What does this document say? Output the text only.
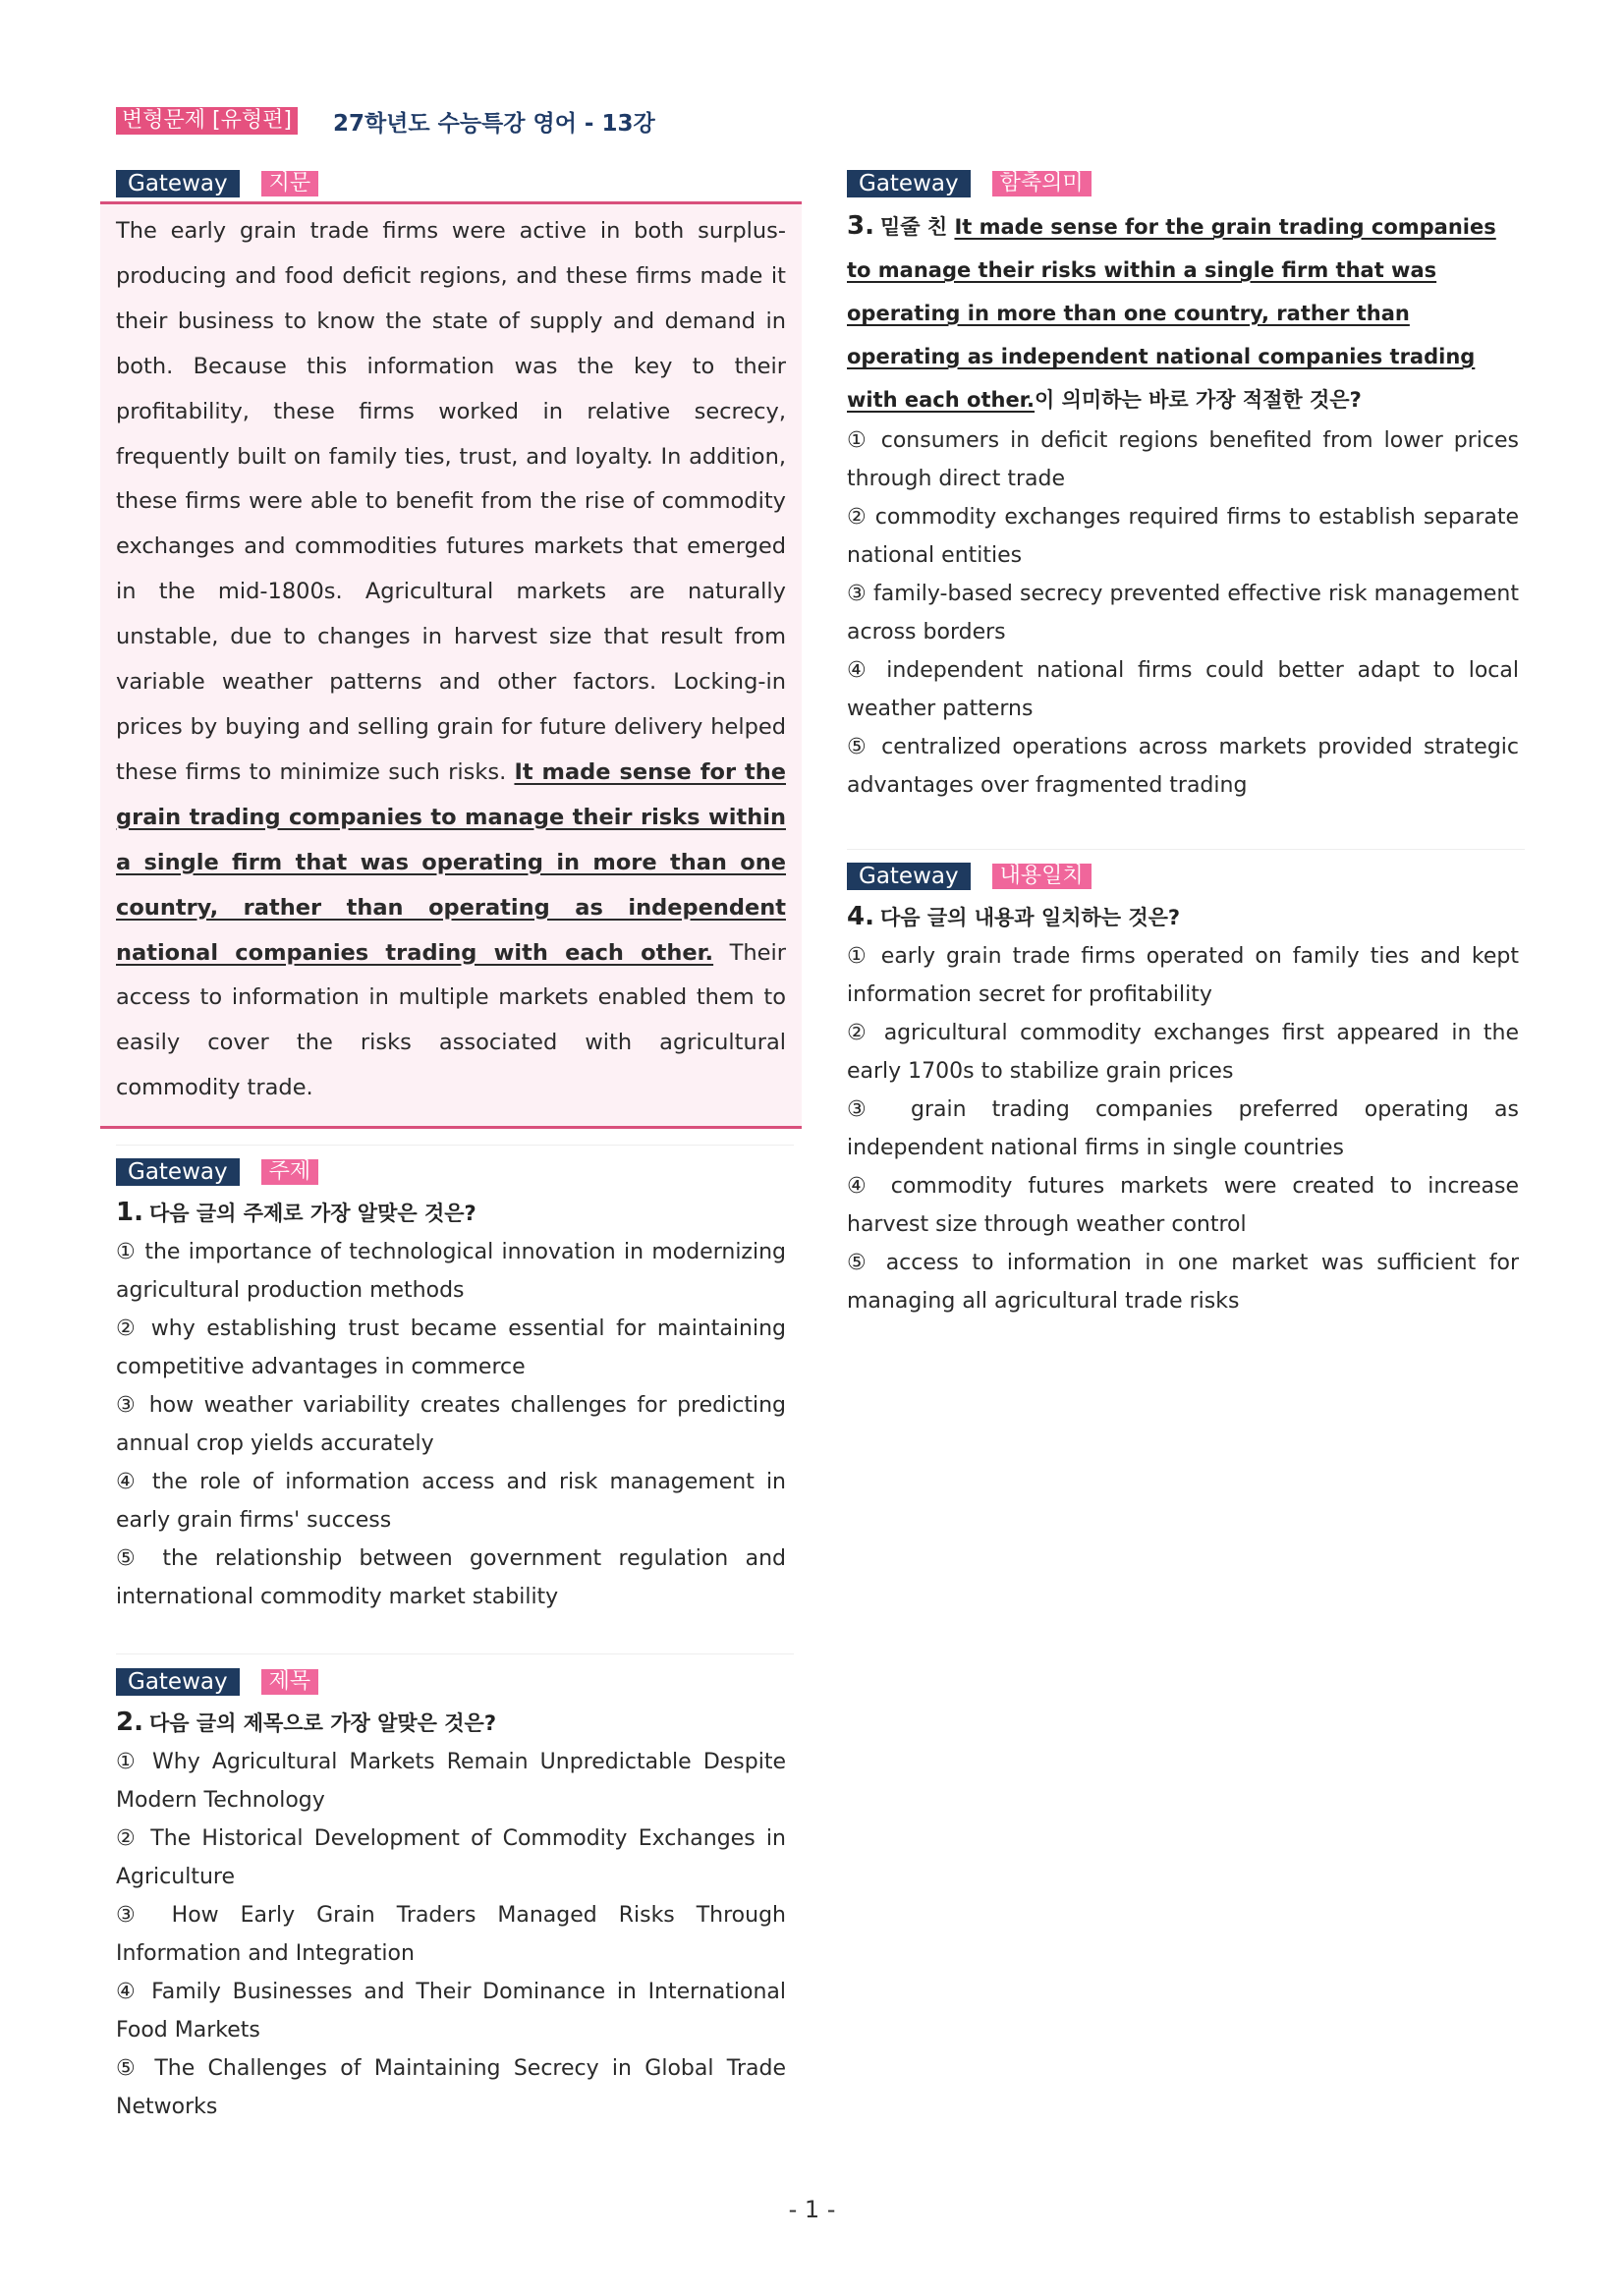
변형문제 [유형편] 27학년도 수능특강 영어 - 13강
Gateway	지문
The early grain trade firms were active in both surplus-producing and food deficit regions, and these firms made it their business to know the state of supply and demand in both. Because this information was the key to their profitability, these firms worked in relative secrecy, frequently built on family ties, trust, and loyalty. In addition, these firms were able to benefit from the rise of commodity exchanges and commodities futures markets that emerged in the mid-1800s. Agricultural markets are naturally unstable, due to changes in harvest size that result from variable weather patterns and other factors. Locking-in prices by buying and selling grain for future delivery helped these firms to minimize such risks. It made sense for the grain trading companies to manage their risks within a single firm that was operating in more than one country, rather than operating as independent national companies trading with each other. Their access to information in multiple markets enabled them to easily cover the risks associated with agricultural commodity trade.
Gateway	주제
1. 다음 글의 주제로 가장 알맞은 것은?
① the importance of technological innovation in modernizing agricultural production methods
② why establishing trust became essential for maintaining competitive advantages in commerce
③ how weather variability creates challenges for predicting annual crop yields accurately
④ the role of information access and risk management in early grain firms' success
⑤ the relationship between government regulation and international commodity market stability
Gateway	제목
2. 다음 글의 제목으로 가장 알맞은 것은?
① Why Agricultural Markets Remain Unpredictable Despite Modern Technology
② The Historical Development of Commodity Exchanges in Agriculture
③ How Early Grain Traders Managed Risks Through Information and Integration
④ Family Businesses and Their Dominance in International Food Markets
⑤ The Challenges of Maintaining Secrecy in Global Trade Networks
Gateway	함축의미
3. 밑줄 친 It made sense for the grain trading companies to manage their risks within a single firm that was operating in more than one country, rather than operating as independent national companies trading with each other.이 의미하는 바로 가장 적절한 것은?
① consumers in deficit regions benefited from lower prices through direct trade
② commodity exchanges required firms to establish separate national entities
③ family-based secrecy prevented effective risk management across borders
④ independent national firms could better adapt to local weather patterns
⑤ centralized operations across markets provided strategic advantages over fragmented trading
Gateway	내용일치
4. 다음 글의 내용과 일치하는 것은?
① early grain trade firms operated on family ties and kept information secret for profitability
② agricultural commodity exchanges first appeared in the early 1700s to stabilize grain prices
③ grain trading companies preferred operating as independent national firms in single countries
④ commodity futures markets were created to increase harvest size through weather control
⑤ access to information in one market was sufficient for managing all agricultural trade risks
- 1 -
